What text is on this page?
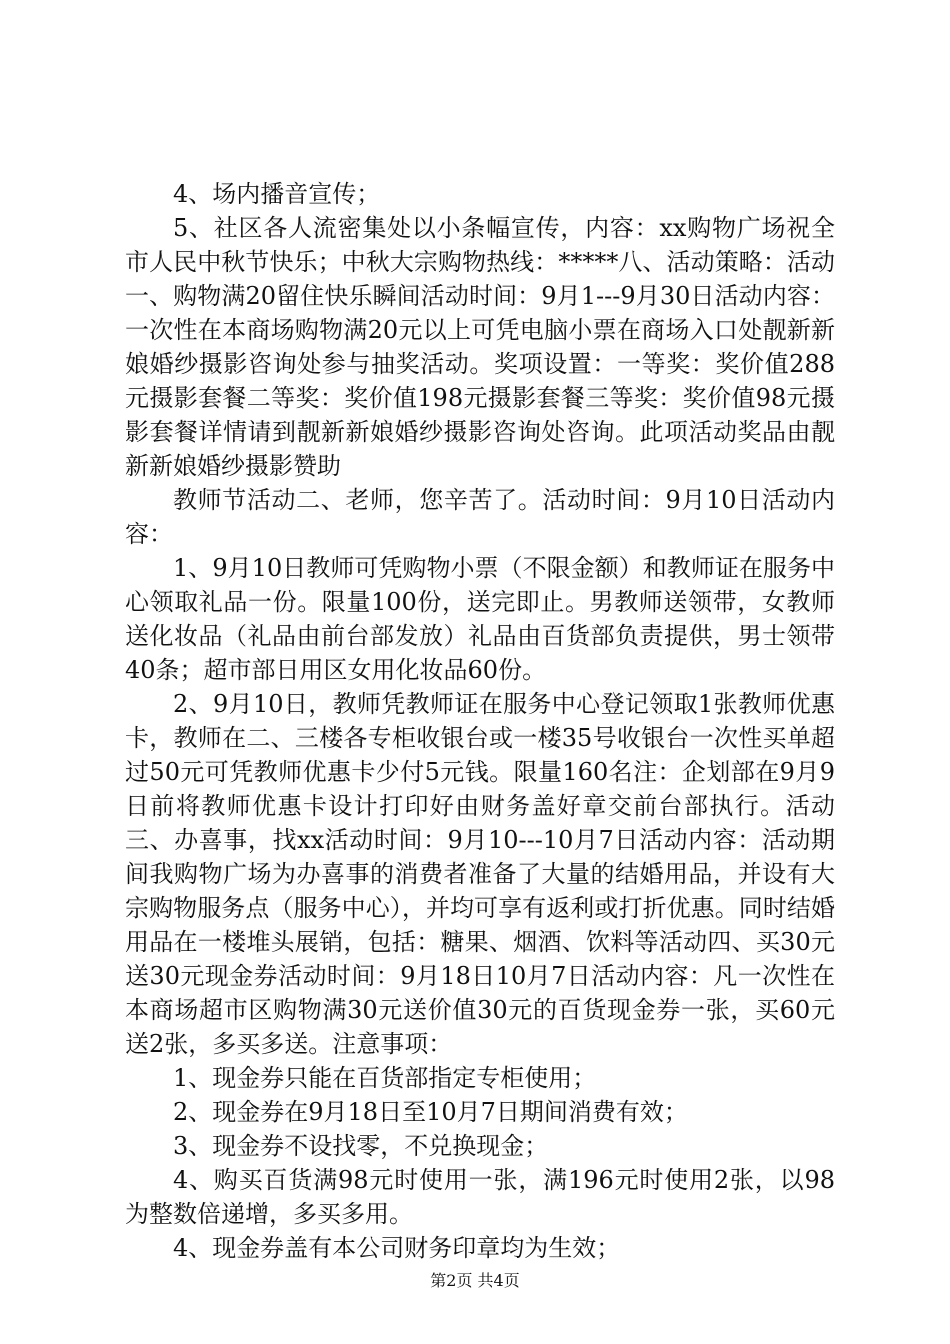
4、场内播音宣传；

5、社区各人流密集处以小条幅宣传，内容：xx购物广场祝全市人民中秋节快乐；中秋大宗购物热线：*****八、活动策略：活动一、购物满20留住快乐瞬间活动时间：9月1---9月30日活动内容：一次性在本商场购物满20元以上可凭电脑小票在商场入口处靓新新娘婚纱摄影咨询处参与抽奖活动。奖项设置：一等奖：奖价值288元摄影套餐二等奖：奖价值198元摄影套餐三等奖：奖价值98元摄影套餐详情请到靓新新娘婚纱摄影咨询处咨询。此项活动奖品由靓新新娘婚纱摄影赞助

教师节活动二、老师，您辛苦了。活动时间：9月10日活动内容：

1、9月10日教师可凭购物小票（不限金额）和教师证在服务中心领取礼品一份。限量100份，送完即止。男教师送领带，女教师送化妆品（礼品由前台部发放）礼品由百货部负责提供，男士领带40条；超市部日用区女用化妆品60份。

2、9月10日，教师凭教师证在服务中心登记领取1张教师优惠卡，教师在二、三楼各专柜收银台或一楼35号收银台一次性买单超过50元可凭教师优惠卡少付5元钱。限量160名注：企划部在9月9日前将教师优惠卡设计打印好由财务盖好章交前台部执行。活动三、办喜事，找xx活动时间：9月10---10月7日活动内容：活动期间我购物广场为办喜事的消费者准备了大量的结婚用品，并设有大宗购物服务点（服务中心），并均可享有返利或打折优惠。同时结婚用品在一楼堆头展销，包括：糖果、烟酒、饮料等活动四、买30元送30元现金券活动时间：9月18日10月7日活动内容：凡一次性在本商场超市区购物满30元送价值30元的百货现金券一张，买60元送2张，多买多送。注意事项：

1、现金券只能在百货部指定专柜使用；

2、现金券在9月18日至10月7日期间消费有效；

3、现金券不设找零，不兑换现金；

4、购买百货满98元时使用一张，满196元时使用2张，以98为整数倍递增，多买多用。

4、现金券盖有本公司财务印章均为生效；

第2页 共4页
